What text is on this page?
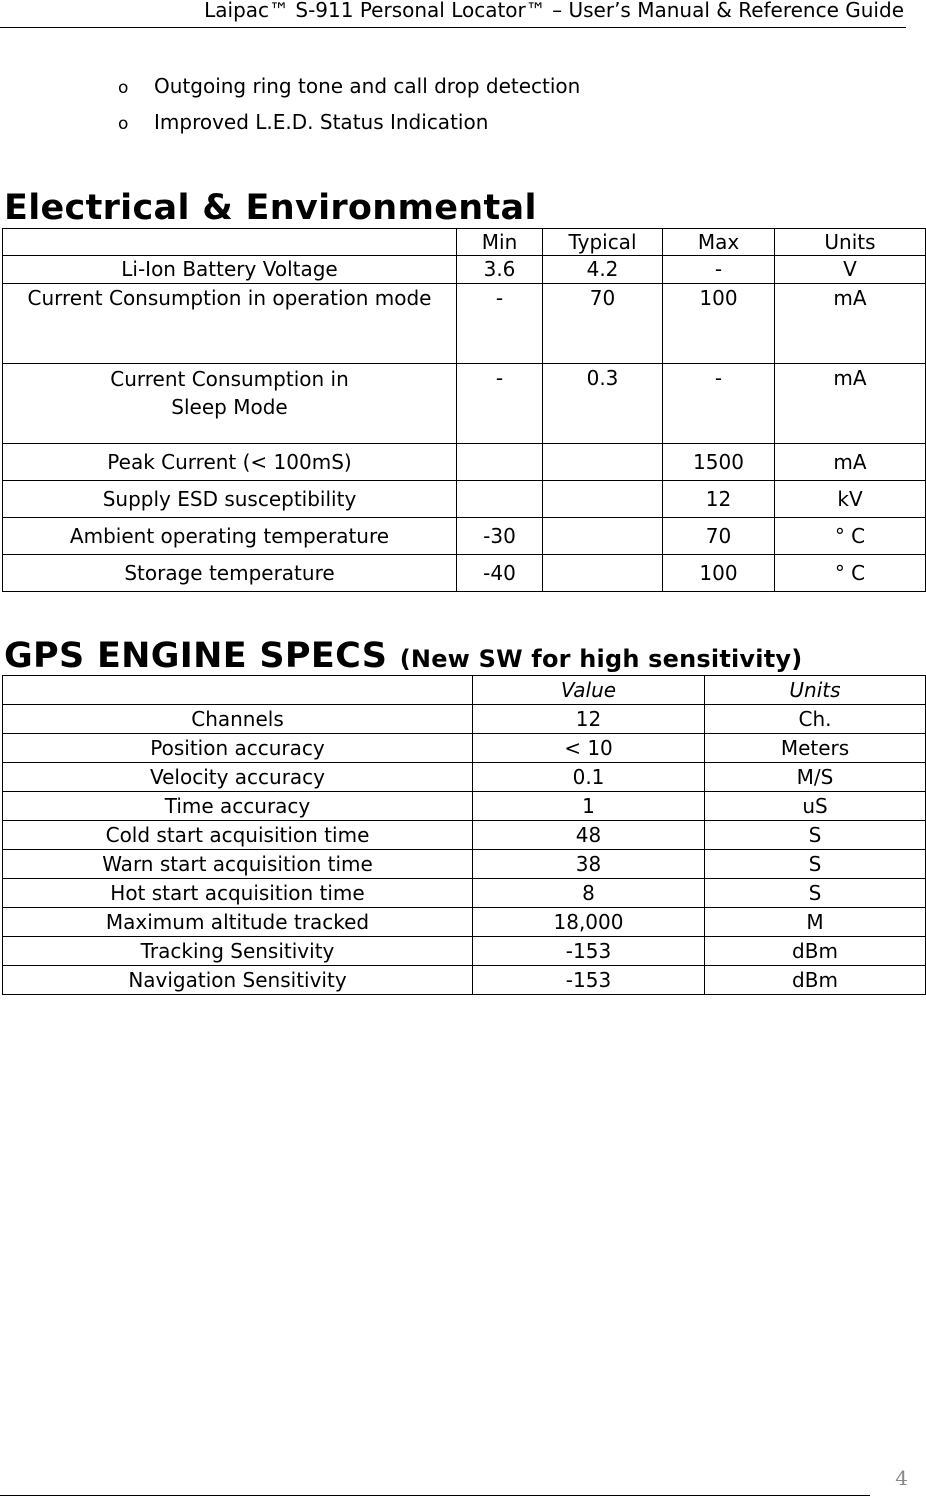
Laipac™ S-911 Personal Locator™ – User’s Manual & Reference Guide
o Outgoing ring tone and call drop detection
o Improved L.E.D. Status Indication
Electrical & Environmental
	Min	Typical	Max	Units
Li-Ion Battery Voltage	3.6	4.2	-	V
Current Consumption in operation mode	-	70	100	mA
Current Consumption in
Sleep Mode	-	0.3	-	mA
Peak Current (< 100mS)			1500	mA
Supply ESD susceptibility			12	kV
Ambient operating temperature	-30		70	° C
Storage temperature	-40		100	° C
GPS ENGINE SPECS (New SW for high sensitivity)
	Value	Units
Channels	12	Ch.
Position accuracy	< 10	Meters
Velocity accuracy	0.1	M/S
Time accuracy	1	uS
Cold start acquisition time	48	S
Warn start acquisition time	38	S
Hot start acquisition time	8	S
Maximum altitude tracked	18,000	M
Tracking Sensitivity	-153	dBm
Navigation Sensitivity	-153	dBm
4
